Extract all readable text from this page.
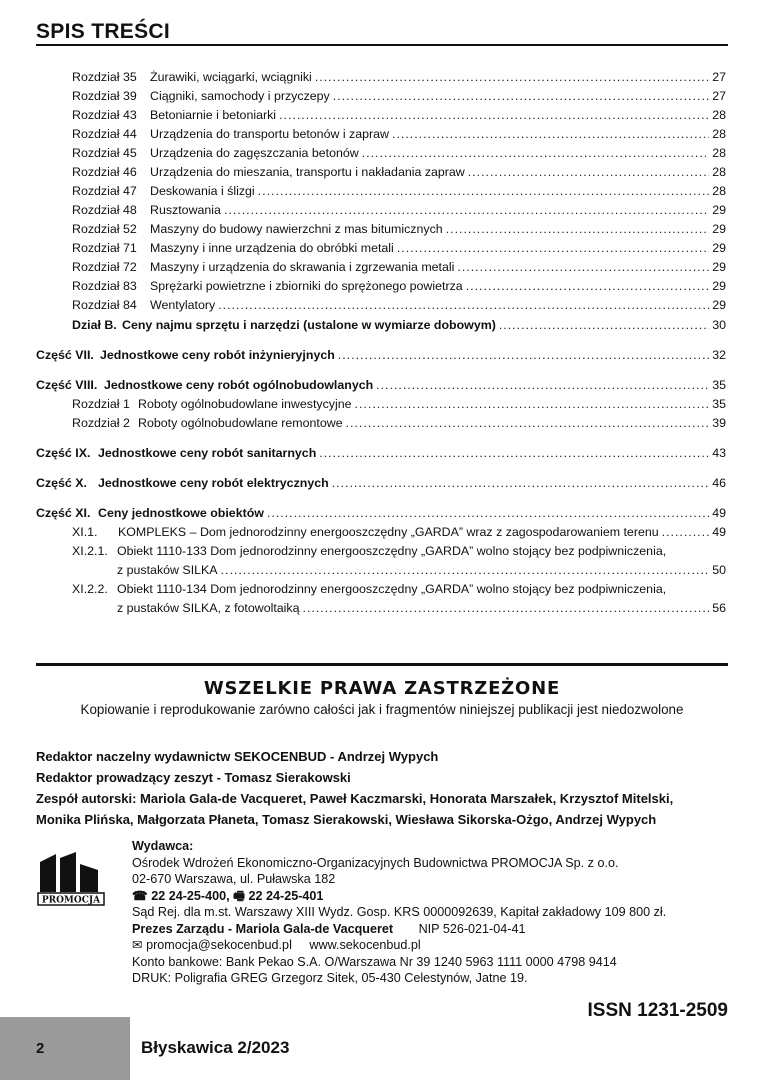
SPIS TREŚCI
Rozdział 35	Żurawiki, wciągarki, wciągniki .....	27
Rozdział 39	Ciągniki, samochody i przyczepy .....	27
Rozdział 43	Betoniarnie i betoniarki .....	28
Rozdział 44	Urządzenia do transportu betonów i zapraw .....	28
Rozdział 45	Urządzenia do zagęszczania betonów .....	28
Rozdział 46	Urządzenia do mieszania, transportu i nakładania zapraw .....	28
Rozdział 47	Deskowania i ślizgi .....	28
Rozdział 48	Rusztowania .....	29
Rozdział 52	Maszyny do budowy nawierzchni z mas bitumicznych .....	29
Rozdział 71	Maszyny i inne urządzenia do obróbki metali .....	29
Rozdział 72	Maszyny i urządzenia do skrawania i zgrzewania metali .....	29
Rozdział 83	Sprężarki powietrzne i zbiorniki do sprężonego powietrza .....	29
Rozdział 84	Wentylatory .....	29
Dział B. Ceny najmu sprzętu i narzędzi (ustalone w wymiarze dobowym) .....	30
Część VII. Jednostkowe ceny robót inżynieryjnych .....	32
Część VIII. Jednostkowe ceny robót ogólnobudowlanych .....	35
Rozdział 1 Roboty ogólnobudowlane inwestycyjne .....	35
Rozdział 2 Roboty ogólnobudowlane remontowe .....	39
Część IX. Jednostkowe ceny robót sanitarnych .....	43
Część X. Jednostkowe ceny robót elektrycznych .....	46
Część XI. Ceny jednostkowe obiektów .....	49
XI.1.	KOMPLEKS – Dom jednorodzinny energooszczędny „GARDA” wraz z zagospodarowaniem terenu .....	49
XI.2.1. Obiekt 1110-133 Dom jednorodzinny energooszczędny „GARDA” wolno stojący bez podpiwniczenia,
z pustaków SILKA .....	50
XI.2.2. Obiekt 1110-134 Dom jednorodzinny energooszczędny „GARDA” wolno stojący bez podpiwniczenia,
z pustaków SILKA, z fotowoltaiką .....	56
WSZELKIE PRAWA ZASTRZEŻONE
Kopiowanie i reprodukowanie zarówno całości jak i fragmentów niniejszej publikacji jest niedozwolone
Redaktor naczelny wydawnictw SEKOCENBUD - Andrzej Wypych
Redaktor prowadzący zeszyt - Tomasz Sierakowski
Zespół autorski: Mariola Gala-de Vacqueret, Paweł Kaczmarski, Honorata Marszałek, Krzysztof Mitelski,
Monika Plińska, Małgorzata Płaneta, Tomasz Sierakowski, Wiesława Sikorska-Ożgo, Andrzej Wypych
PROMOCJA
Wydawca:
Ośrodek Wdrożeń Ekonomiczno-Organizacyjnych Budownictwa PROMOCJA Sp. z o.o.
02-670 Warszawa, ul. Puławska 182
☎ 22 24-25-400, 🖷 22 24-25-401
Sąd Rej. dla m.st. Warszawy XIII Wydz. Gosp. KRS 0000092639, Kapitał zakładowy 109 800 zł.
Prezes Zarządu - Mariola Gala-de Vacqueret NIP 526-021-04-41
✉ promocja@sekocenbud.pl www.sekocenbud.pl
Konto bankowe: Bank Pekao S.A. O/Warszawa Nr 39 1240 5963 1111 0000 4798 9414
DRUK: Poligrafia GREG Grzegorz Sitek, 05-430 Celestynów, Jatne 19.
ISSN 1231-2509
2	Błyskawica 2/2023
